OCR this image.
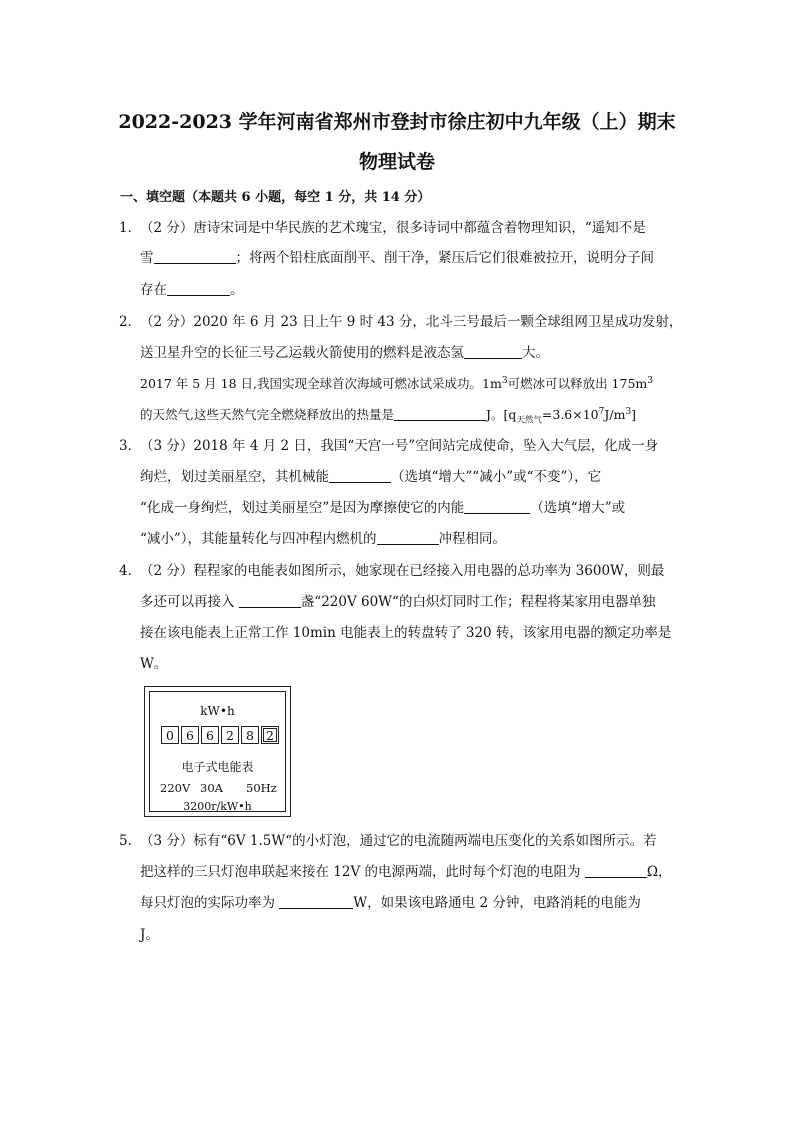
2022-2023 学年河南省郑州市登封市徐庄初中九年级（上）期末
物理试卷
一、填空题（本题共 6 小题，每空 1 分，共 14 分）
1．
（2 分）唐诗宋词是中华民族的艺术瑰宝，很多诗词中都蕴含着物理知识，“遥知不是
雪	；将两个铅柱底面削平、削干净，紧压后它们很难被拉开，说明分子间
存在	。
2．
（2 分）2020 年 6 月 23 日上午 9 时 43 分，北斗三号最后一颗全球组网卫星成功发射，
送卫星升空的长征三号乙运载火箭使用的燃料是液态氢	大。
2017 年 5 月 18 日,我国实现全球首次海域可燃冰试采成功。$1m^3$可燃冰可以释放出 $175m^3$
的天然气,这些天然气完全燃烧释放出的热量是	J。$[q_{天然气}=3.6\times 10^7J/m^3]$
3．
（3 分）2018 年 4 月 2 日，我国“天宫一号”空间站完成使命，坠入大气层，化成一身
绚烂，划过美丽星空，其机械能	（选填“增大”“减小”或“不变”），它
“化成一身绚烂，划过美丽星空”是因为摩擦使它的内能	（选填“增大”或
“减小”），其能量转化与四冲程内燃机的	冲程相同。
4．
（2 分）程程家的电能表如图所示，她家现在已经接入用电器的总功率为 3600W，则最
多还可以再接入	盏“220V 60W“的白炽灯同时工作；程程将某家用电器单独
接在该电能表上正常工作 10min 电能表上的转盘转了 320 转，该家用电器的额定功率是
W。
kW•h
0 6 6 2 8 2
电子式电能表
220V 30A 50Hz
3200r/kW•h
5．
（3 分）标有“6V 1.5W“的小灯泡，通过它的电流随两端电压变化的关系如图所示。若
把这样的三只灯泡串联起来接在 12V 的电源两端，此时每个灯泡的电阻为	Ω，
每只灯泡的实际功率为	W，如果该电路通电 2 分钟，电路消耗的电能为
J。
